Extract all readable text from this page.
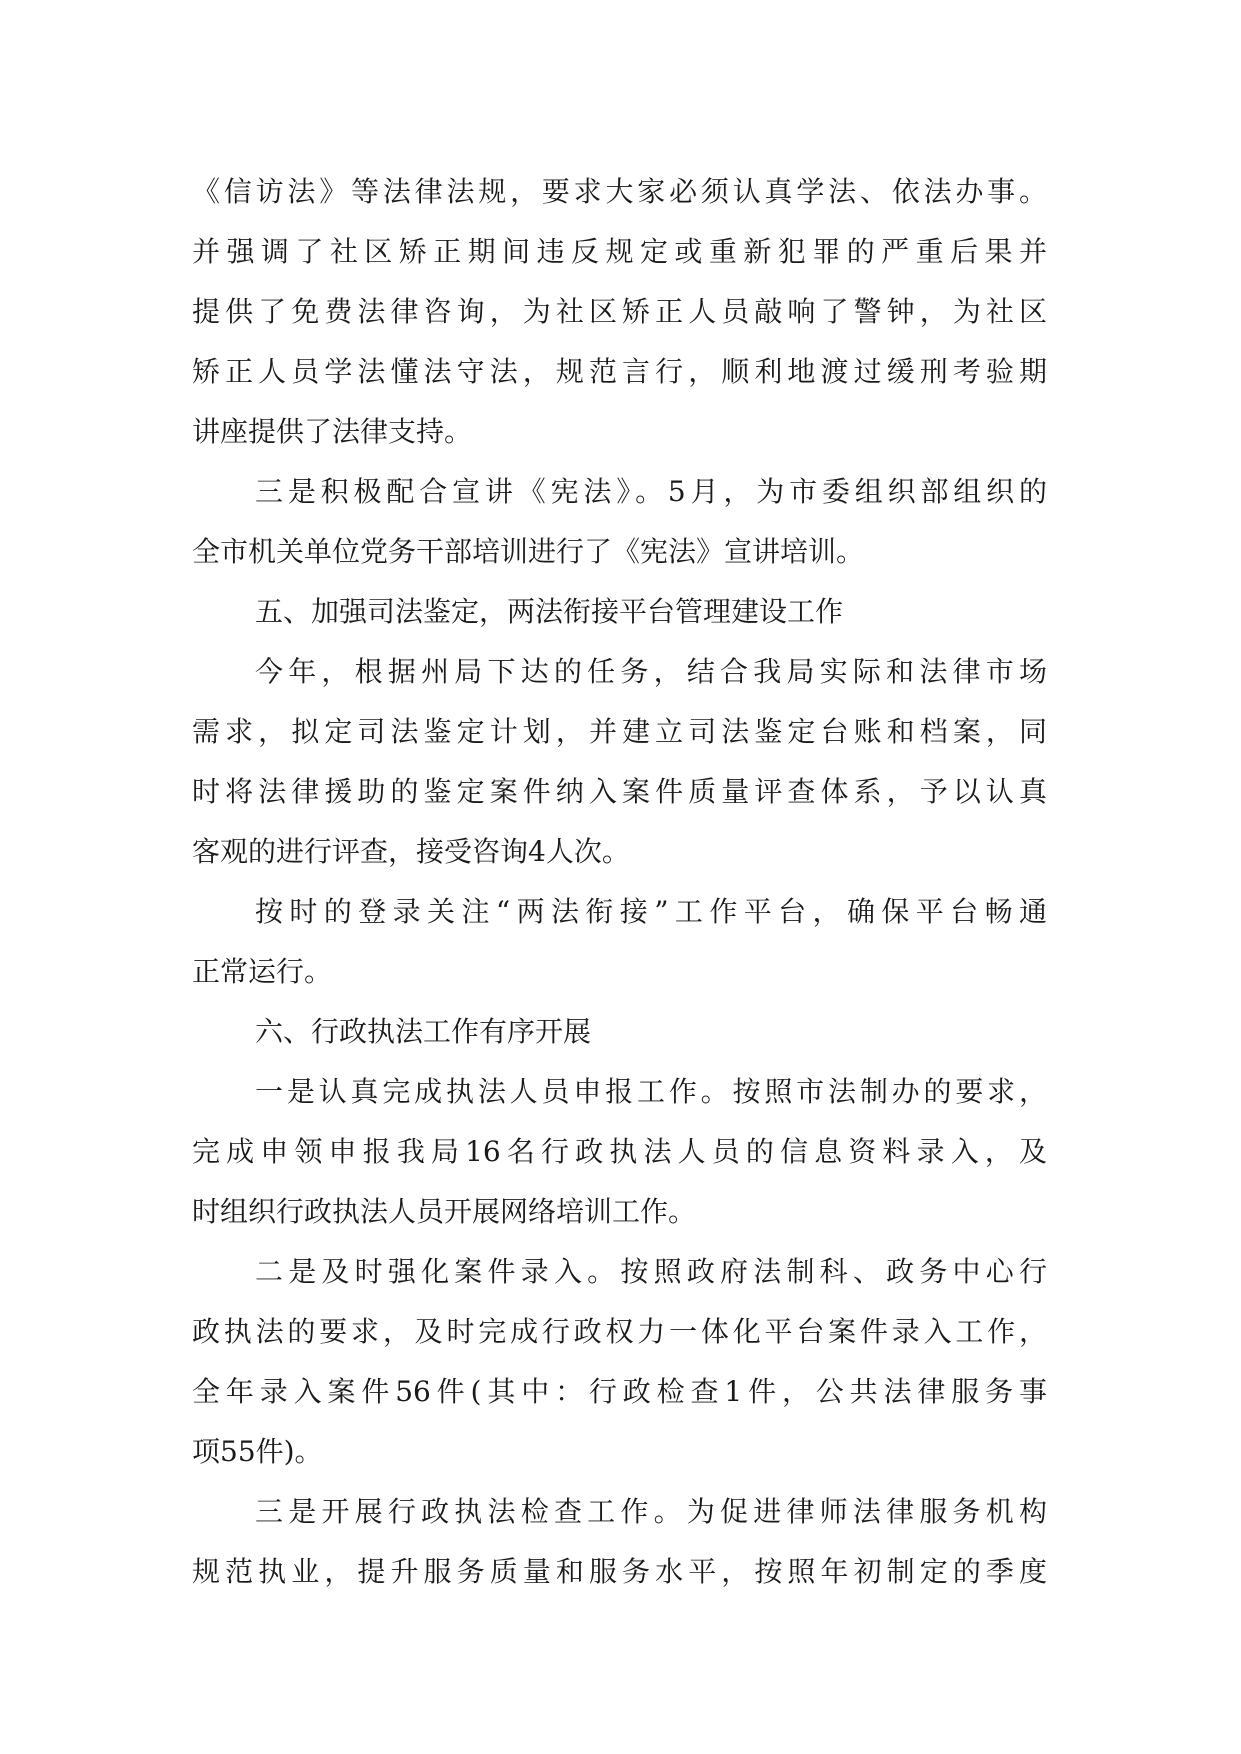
《信访法》等法律法规，要求大家必须认真学法、依法办事。
并强调了社区矫正期间违反规定或重新犯罪的严重后果并
提供了免费法律咨询，为社区矫正人员敲响了警钟，为社区
矫正人员学法懂法守法，规范言行，顺利地渡过缓刑考验期
讲座提供了法律支持。
三是积极配合宣讲《宪法》。5月，为市委组织部组织的
全市机关单位党务干部培训进行了《宪法》宣讲培训。
五、加强司法鉴定，两法衔接平台管理建设工作
今年，根据州局下达的任务，结合我局实际和法律市场
需求，拟定司法鉴定计划，并建立司法鉴定台账和档案，同
时将法律援助的鉴定案件纳入案件质量评查体系，予以认真
客观的进行评查，接受咨询4人次。
按时的登录关注“两法衔接”工作平台，确保平台畅通
正常运行。
六、行政执法工作有序开展
一是认真完成执法人员申报工作。按照市法制办的要求，
完成申领申报我局16名行政执法人员的信息资料录入，及
时组织行政执法人员开展网络培训工作。
二是及时强化案件录入。按照政府法制科、政务中心行
政执法的要求，及时完成行政权力一体化平台案件录入工作，
全年录入案件56件(其中：行政检查1件，公共法律服务事
项55件)。
三是开展行政执法检查工作。为促进律师法律服务机构
规范执业，提升服务质量和服务水平，按照年初制定的季度
